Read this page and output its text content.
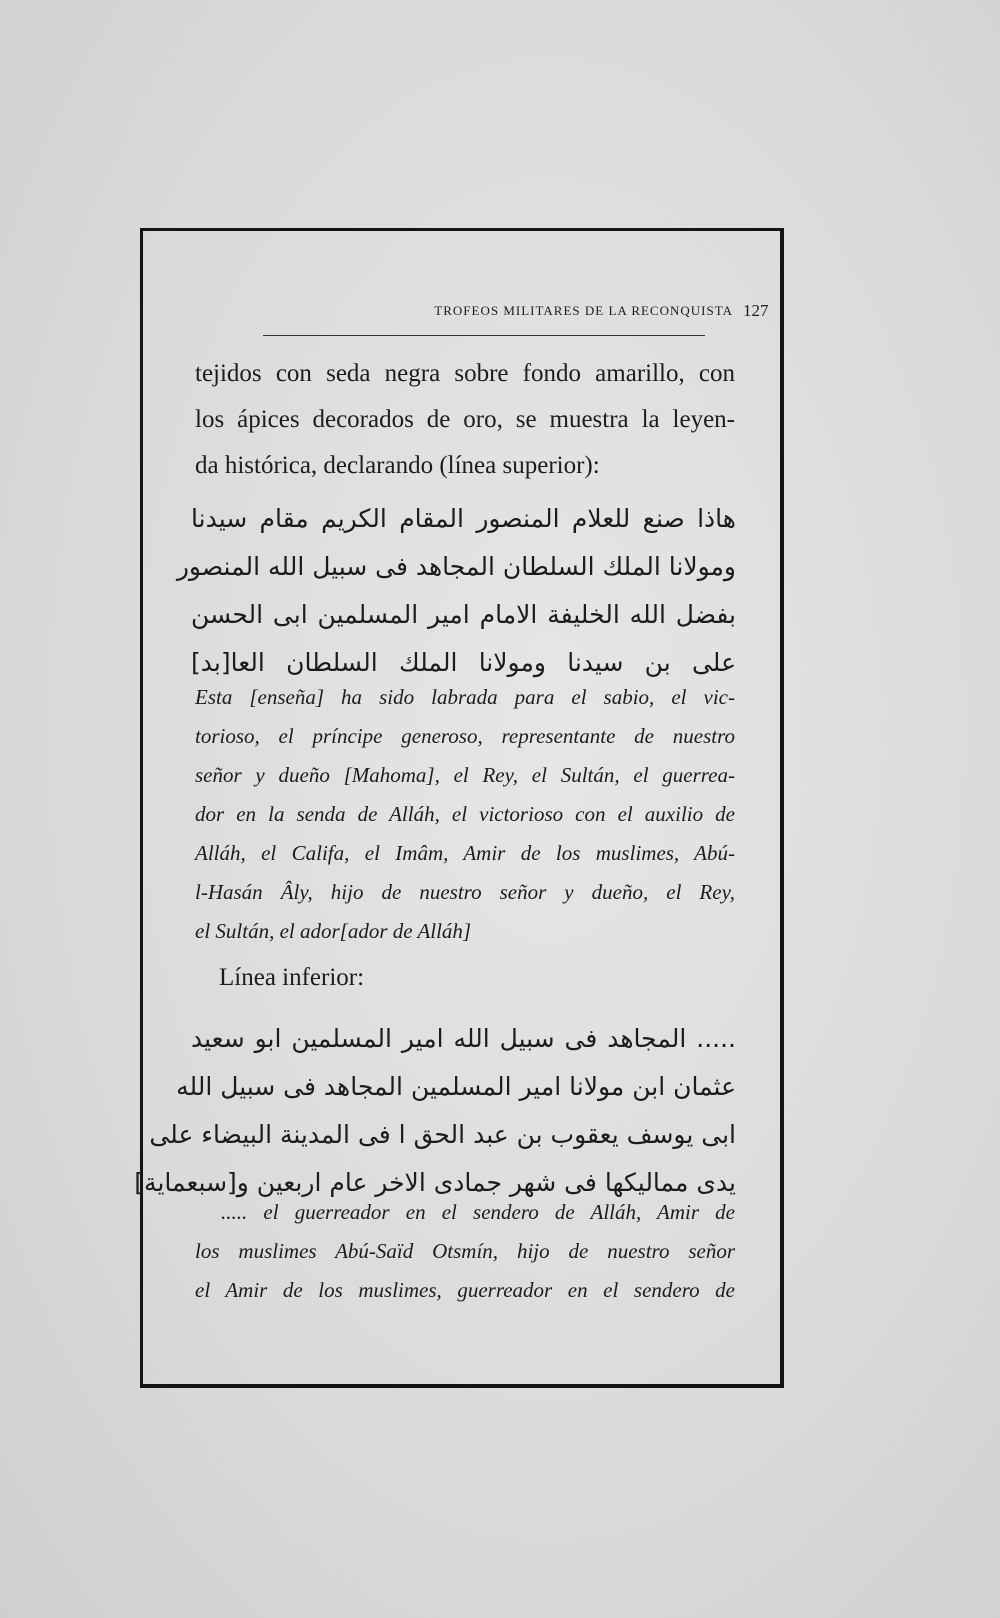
TROFEOS MILITARES DE LA RECONQUISTA 127
tejidos con seda negra sobre fondo amarillo, con
los ápices decorados de oro, se muestra la leyen-
da histórica, declarando (línea superior):
هاذا صنع للعلام المنصور المقام الكريم مقام سيدنا
ومولانا الملك السلطان المجاهد فى سبيل الله المنصور
بفضل الله الخليفة الامام امير المسلمين ابى الحسن
على بن سيدنا ومولانا الملك السلطان العا[بد]
Esta [enseña] ha sido labrada para el sabio, el vic-
torioso, el príncipe generoso, representante de nuestro
señor y dueño [Mahoma], el Rey, el Sultán, el guerrea-
dor en la senda de Alláh, el victorioso con el auxilio de
Alláh, el Califa, el Imâm, Amir de los muslimes, Abú-
l-Hasán Âly, hijo de nuestro señor y dueño, el Rey,
el Sultán, el ador[ador de Alláh]
Línea inferior:
..... المجاهد فى سبيل الله امير المسلمين ابو سعيد
عثمان ابن مولانا امير المسلمين المجاهد فى سبيل الله
ابى يوسف يعقوب بن عبد الحق ا فى المدينة البيضاء على
يدى مماليكها فى شهر جمادى الاخر عام اربعين و[سبعماية]
..... el guerreador en el sendero de Alláh, Amir de
los muslimes Abú-Saïd Otsmín, hijo de nuestro señor
el Amir de los muslimes, guerreador en el sendero de
